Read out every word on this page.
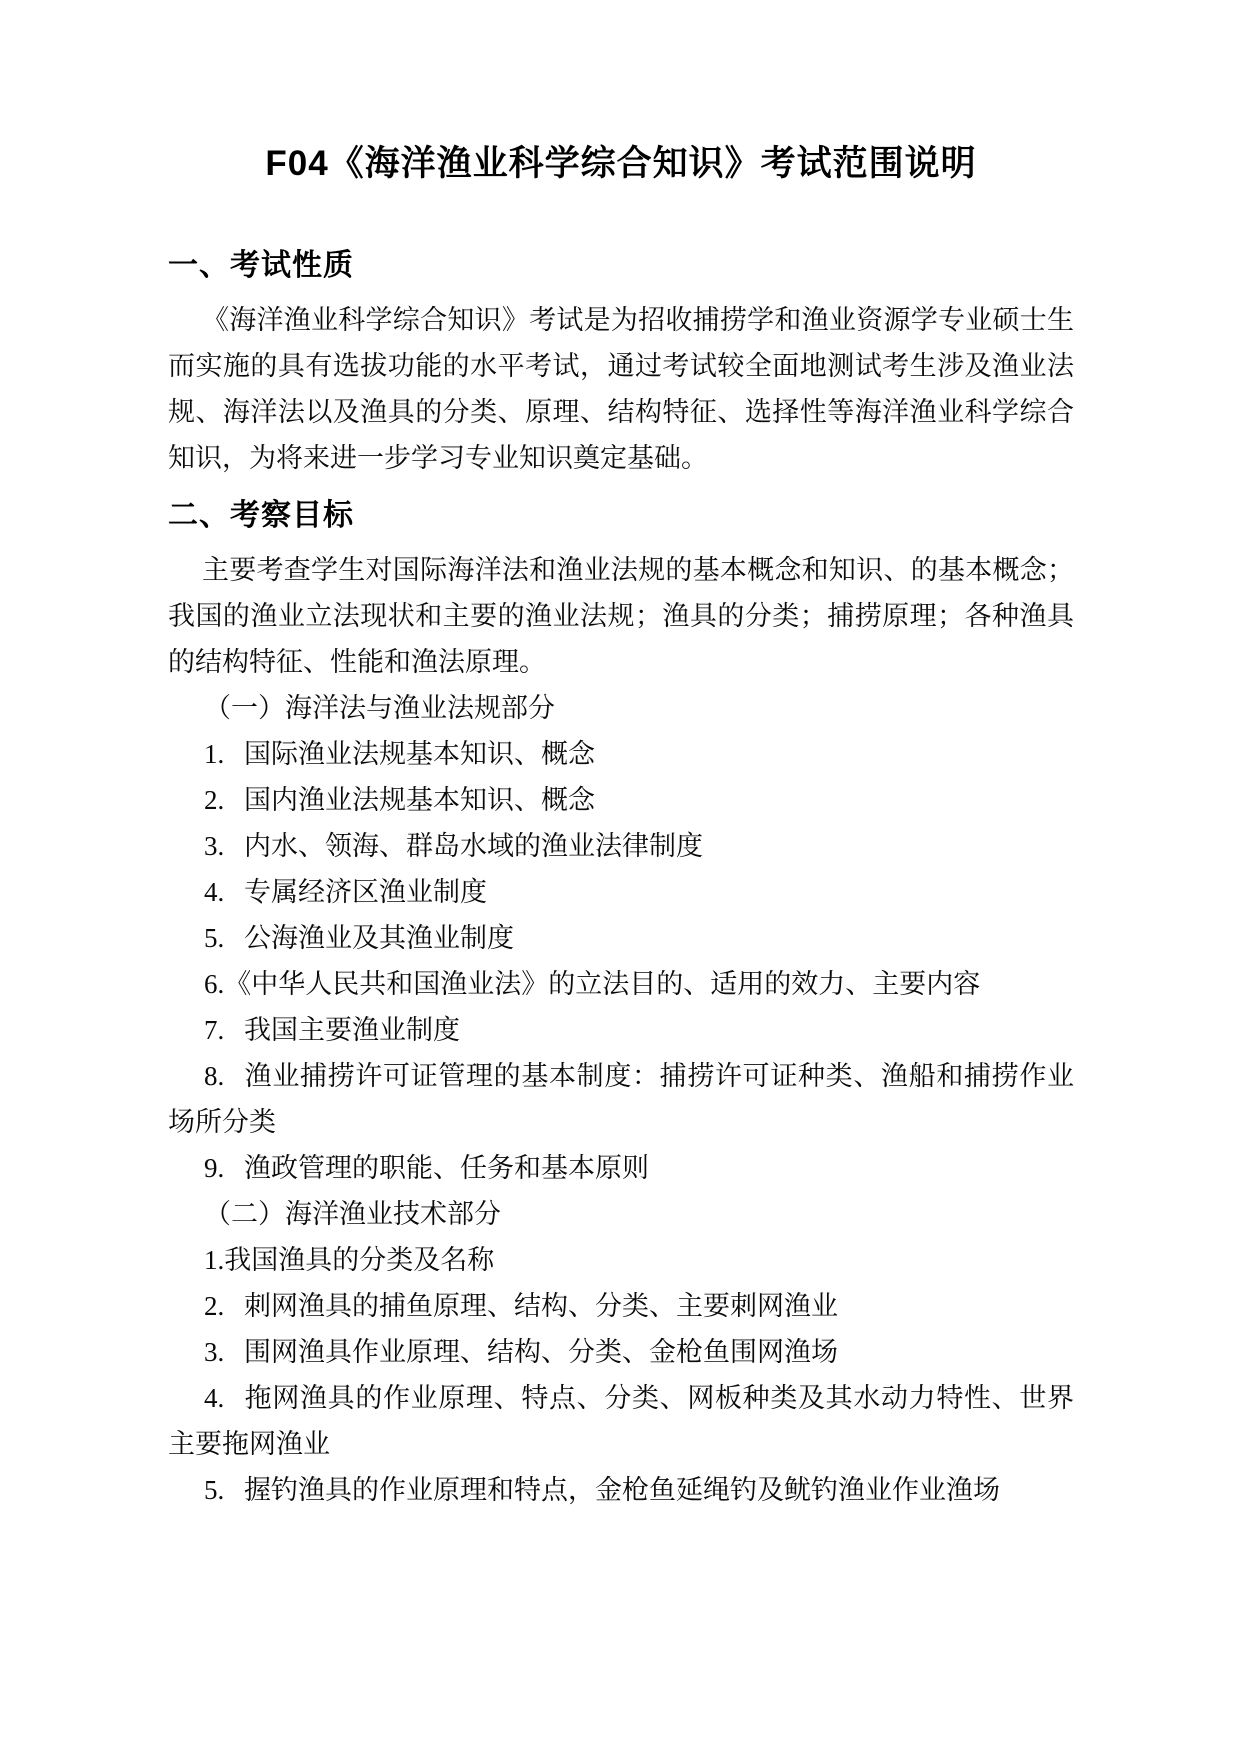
F04《海洋渔业科学综合知识》考试范围说明
一、考试性质

《海洋渔业科学综合知识》考试是为招收捕捞学和渔业资源学专业硕士生而实施的具有选拔功能的水平考试，通过考试较全面地测试考生涉及渔业法规、海洋法以及渔具的分类、原理、结构特征、选择性等海洋渔业科学综合知识，为将来进一步学习专业知识奠定基础。

二、考察目标

主要考查学生对国际海洋法和渔业法规的基本概念和知识、的基本概念；我国的渔业立法现状和主要的渔业法规；渔具的分类；捕捞原理；各种渔具的结构特征、性能和渔法原理。

（一）海洋法与渔业法规部分

1. 国际渔业法规基本知识、概念

2. 国内渔业法规基本知识、概念

3. 内水、领海、群岛水域的渔业法律制度

4. 专属经济区渔业制度

5. 公海渔业及其渔业制度

6.《中华人民共和国渔业法》的立法目的、适用的效力、主要内容

7. 我国主要渔业制度

8. 渔业捕捞许可证管理的基本制度：捕捞许可证种类、渔船和捕捞作业场所分类

9. 渔政管理的职能、任务和基本原则

（二）海洋渔业技术部分

1.我国渔具的分类及名称

2. 刺网渔具的捕鱼原理、结构、分类、主要刺网渔业

3. 围网渔具作业原理、结构、分类、金枪鱼围网渔场

4. 拖网渔具的作业原理、特点、分类、网板种类及其水动力特性、世界主要拖网渔业

5. 握钓渔具的作业原理和特点，金枪鱼延绳钓及鱿钓渔业作业渔场
